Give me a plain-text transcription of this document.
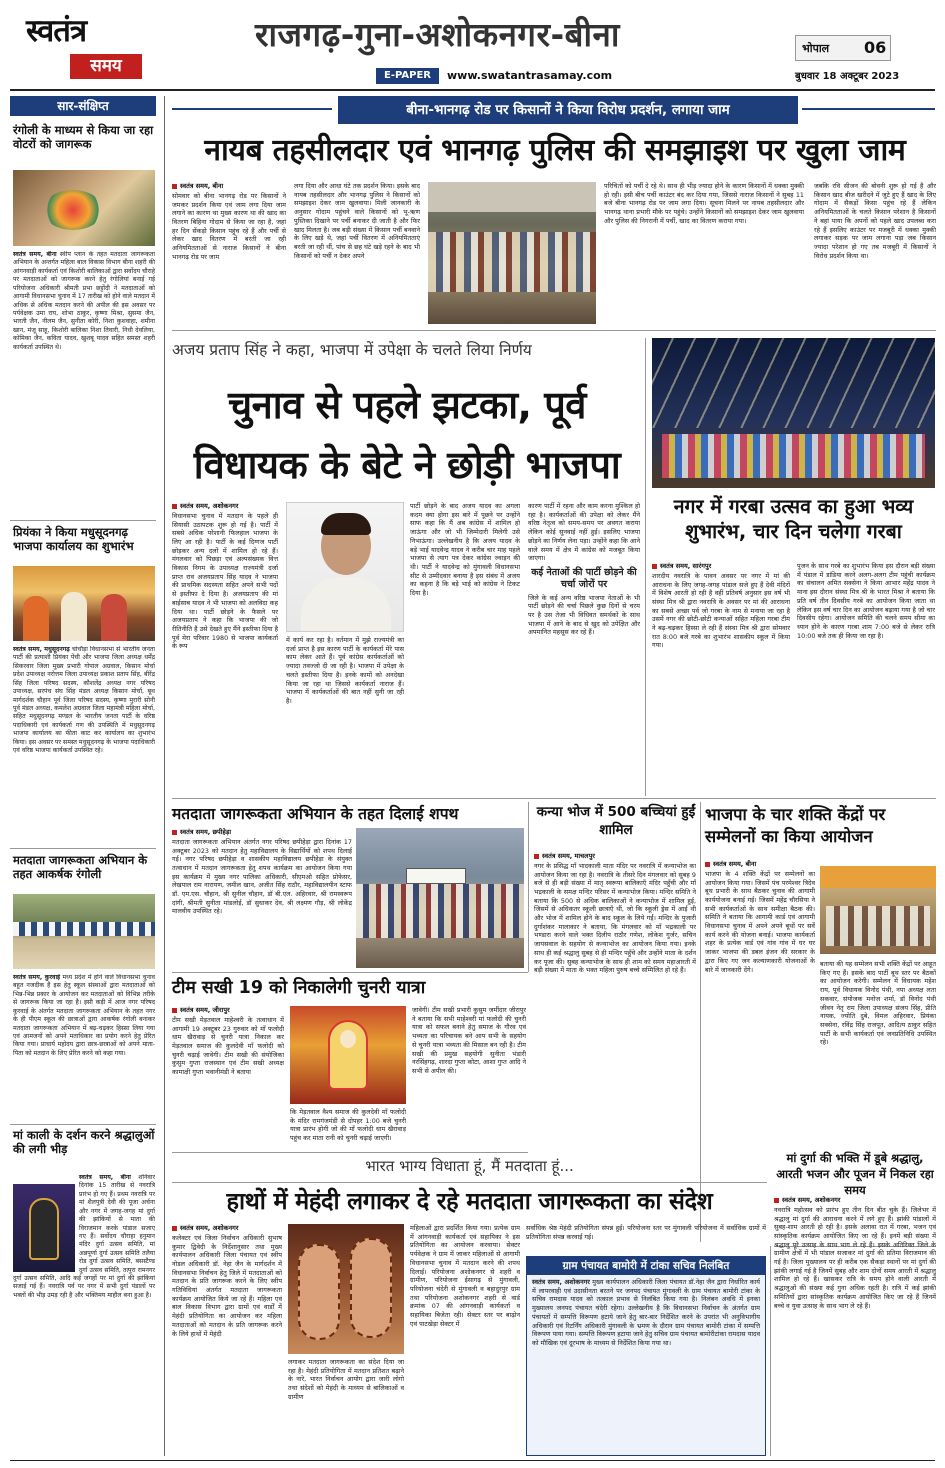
स्वतंत्र
समय
राजगढ़-गुना-अशोकनगर-बीना
E-PAPER	www.swatantrasamay.com
भोपाल 06
बुधवार 18 अक्टूबर 2023
सार-संक्षिप्त
रंगोली के माध्यम से किया जा रहा वोटरों को जागरूक
स्वतंत्र समय, बीना स्वीप प्लान के तहत मतदाता जागरूकता अभियान के अन्तर्गत महिला बाल विकास विभाग बीना शहरी की आंगनवाड़ी कार्यकर्ता एवं किशोरी बालिकाओं द्वारा सर्वोदय चौराहे पर मतदाताओं को जागरूक करने हेतु रंगोलियां बनाई गई परियोजना अधिकारी श्रीमती प्रभा छट्टोंदी ने मतदाताओं को आगामी विधानसभा चुनाव में 17 तारीख को होने वाले मतदान में अधिक से अधिक मतदान करने की अपील की इस अवसर पर पर्यवेक्षक उमा राय, शोभा ठाकुर, कृष्णा मिश्रा, सुसमा जैन, भारती जैन, नीलम जैन, सुनीता कोरी, निशा कुशवाहा, शमीना खान, मंजू साहू, किशोरी बालिका निशा तिवारी, निधी देवलिया, कोमिका जैन, कविता यादव, खुशबू यादव सहित समस्त शहरी कार्यकर्ता उपस्थित थे।
प्रियंका ने किया मधुसूदनगढ़ भाजपा कार्यालय का शुभारंभ
स्वतंत्र समय, मधुसूदनगढ़ चांचौड़ा विधानसभा से भारतीय जनता पार्टी की प्रत्याशी प्रियंका पेंची और भाजपा जिला अध्यक्ष धर्मेंद्र सिकरवार जिला मुख्य प्रभारी गोपाल अग्रवाल, किसान मोर्चा प्रदेश उपाध्यक्ष नरोत्तम जिला उपाध्यक्ष प्रकाश प्रताप सिंह, बीरेंद्र सिंह जिला परिषद सदस्य, कौशलेंद्र अध्यक्ष नगर परिषद उपाध्यक्ष, सरपंच संघ सिंह मंडल अध्यक्ष किसान मोर्चा, बूथ मार्गदर्शक चौहान पूर्व जिला परिषद सदस्य, कृष्णा मुरारी सोनी पूर्व मंडल अध्यक्ष, कमलेश अग्रवाल जिला महामंत्री महिला मोर्चा, सहित मधुसूदनगढ़ मण्डल के भारतीय जनता पार्टी के वरिष्ठ पदाधिकारी एवं कार्यकर्ता गण की उपस्थिति में मधुसूदनगढ़ भाजपा कार्यालय का फीता काट कर कार्यालय का शुभारंभ किया। इस अवसर पर समस्त मधुसूदनगढ़ के भाजपा पदाधिकारी एवं वरिष्ठ भाजपा कार्यकर्ता उपस्थित रहे।
मतदाता जागरूकता अभियान के तहत आकर्षक रंगोली
स्वतंत्र समय, कुरवाई मध्य प्रदेश में होने वाले विधानसभा चुनाव बहुत नजदीक है इस हेतु स्कूल संस्थाओं द्वारा मतदाताओं को भिन्न-भिन्न प्रकार के आयोजन कर मतदाताओं को विभिन्न तरीके से जागरूक किया जा रहा है। इसी कड़ी में आज नगर परिषद कुरवाई के अंतर्गत मतदाता जागरूकता अभियान के तहत नगर के ही पीएम स्कूल की छात्राओं द्वारा आकर्षक रंगोली बनाकर मतदाता जागरूकता अभियान में बढ़-चढ़कर हिस्सा लिया गया एवं आमजनों को अपने मताधिकार का प्रयोग करने हेतु प्रेरित किया गया। प्राचार्य महोदय द्वारा छात्र-छात्राओं को अपने माता-पिता को मतदान के लिए प्रेरित करने को कहा गया।
मां काली के दर्शन करने श्रद्धालुओं की लगी भीड़
स्वतंत्र समय, बीना शनिवार दिनांक 15 तारीख से नवरात्रि प्रारंभ हो गए हैं। प्रथम नवरात्रि पर मां शैलपुत्री देवी की पूजा अर्चना और नगर में जगह-जगह मां दुर्गा की झांकियों से माता की विराजमान करके पांडाल सजाए गए हैं। सर्वोदय चौराहा हनुमान मंदिर दुर्गा उत्सव समिति, मां अन्नपूर्णा दुर्गा उत्सव समिति तलैया रोड दुर्गा उत्सव समिति, बसस्टैण्ड दुर्गा उत्सव समिति, तत्पुरा रामनगर दुर्गा उत्सव समिति, आदि कई जगहों पर मां दुर्गा की झांकियां सजाई गई हैं। नवरात्रि पर्व पर नगर में सभी दुर्गा पंडालों पर भक्तों की भीड़ उमड़ रही है और भक्तिमय माहौल बना हुआ है।
बीना-भानगढ़ रोड पर किसानों ने किया विरोध प्रदर्शन, लगाया जाम
नायब तहसीलदार एवं भानगढ़ पुलिस की समझाइश पर खुला जाम
स्वतंत्र समय, बीना
सोमवार को बीना भानगढ़ रोड पर किसानों ने जमकर प्रदर्शन किया एवं जाम लगा दिया जाम लगाने का कारण था मुख्य कारण था की खाद का वितरण बिहिना गोदाम से किया जा रहा है, जहां हर दिन सेंकड़ो किसान पहुंच रहे हैं और पर्ची से लेकर खाद वितरण में बरती जा रही अनियमितताओं से नाराज किसानों ने बीना भानगढ़ रोड पर जाम
लगा दिया और आधा घंटे तक प्रदर्शन किया। इसके बाद नायब तहसीलदार और भानगढ़ पुलिस ने किसानों को समझाइश देकर जाम खुलवाया। मिली जानकारी के अनुसार गोदाम पहुंचने वाले किसानों को भू-ऋण पुस्तिका दिखाने पर पर्ची बनाकर दी जाती है और फिर खाद मिलता है। जब बड़ी संख्या में किसान पर्ची बनवाने के लिए खड़े थे, जहां पर्ची वितरण में अनियमितताएं बरती जा रही थीं, पांच से छह घंटे खड़े रहने के बाद भी किसानों को पर्ची न देकर अपने
परिचितों को पर्ची दे रहे थे। साथ ही भीड़ ज्यादा होने के कारण किसानों में धक्का मुक्की हो रही। इसी बीच पर्ची काउंटर बंद कर दिया गया, जिससे नाराज किसानों ने सुबह 11 बजे बीना भानगढ़ रोड पर जाम लगा दिया। सूचना मिलने पर नायब तहसीलदार और भानगढ़ थाना प्रभारी मौके पर पहुंचे। उन्होंने किसानों को समझाइश देकर जाम खुलवाया और पुलिस की निगरानी में पर्ची, खाद का वितरण कराया गया।
जबकि रवि सीजन की बोवनी शुरू हो गई है और किसान खाद बीज खरीदने में जुटे हुए हैं खाद के लिए गोदाम में सैकड़ों किसा पहुंच रहे हैं लेकिन अनियमितताओं के चलते किसान परेशान है किसानों ने बहां पाया कि अपनों को पहले खाद उपलब्ध करा रहे हैं इसलिए काउंटर पर मजबूरी में धक्का मुक्की लगाकर सड़क पर जाम लगाना पड़ा जब किसान ज्यादा परेशान हो गए तब मजबूरी में किसानों ने विरोध प्रदर्शन किया था।
अजय प्रताप सिंह ने कहा, भाजपा में उपेक्षा के चलते लिया निर्णय
चुनाव से पहले झटका, पूर्व
विधायक के बेटे ने छोड़ी भाजपा
स्वतंत्र समय, अशोकनगर
विधानसभा चुनाव में मतदान के पहले ही सियासी उठापटक शुरू हो गई है। पार्टी में सबसे अधिक परेशानी फिलहाल भाजपा के लिए आ रही है। पार्टी के कई दिग्गज पार्टी छोड़कर अन्य दलों में शामिल हो रहे हैं। मंगलवार को पिछड़ा एवं अल्पसंख्यक वित्त विकास निगम के उपाध्यक्ष राज्यमंत्री दर्जा प्राप्त राव अजयप्रताप सिंह यादव ने भाजपा की प्राथमिक सदस्यता सहित अपने सभी पदों से इस्तीफा दे दिया है। अजयप्रताप की मां बाईसाब यादव ने भी भाजपा को अलविदा कह दिया था। पार्टी छोड़ने के फैसले पर अजयप्रताप ने कहा कि भाजपा की जो रीतिनीति है उसे देखते हुए मैंने इस्तीफा दिया है पूर्व मेरा परिवार 1980 से भाजपा कार्यकर्ता के रूप
में कार्य कर रहा है। वर्तमान में मुझे राज्यमंत्री का दर्जा प्राप्त है इस कारण पार्टी के कार्यकर्ता मेरे पास काम लेकर आते हैं। पूर्व कांग्रेस कार्यकर्ताओं को ज्यादा तवज्जो दी जा रही है। भाजपा में उपेक्षा के चलते इस्तीफा दिया है। इनके कामों को अनदेखा किया जा रहा था जिससे कार्यकर्ता नाराज हैं। भाजपा में कार्यकर्ताओं की बात नहीं सुनी जा रही है।
पार्टी छोड़ने के बाद अजय यादव का अगला कदम क्या होगा इस बारे में पूछने पर उन्होंने साफ कहा कि मैं अब कांग्रेस में शामिल हो जाऊंगा और जो भी जिम्मेदारी मिलेगी उसे निभाऊंगा। उल्लेखनीय है कि अजय यादव के बड़े भाई यादवेन्द्र यादव ने करीब चार माह पहले भाजपा से त्याग पत्र देकर कांग्रेस ज्वाइन की थी। पार्टी ने यादवेन्द्र को मुंगावली विधानसभा सीट से उम्मीदवार बनाया है इस संबंध में अजय का कहना है कि बड़े भाई को कांग्रेस ने टिकट दिया है।
कारण पार्टी में रहना और काम करना मुश्किल हो रहा है। कार्यकर्ताओं की उपेक्षा को लेकर मैंने वरिष्ठ नेतृत्व को समय-समय पर अवगत कराया लेकिन कोई सुनवाई नहीं हुई। इसलिए भाजपा छोड़ने का निर्णय लेना पड़ा। उन्होंने कहा कि आने वाले समय में क्षेत्र में कांग्रेस को मजबूत किया जाएगा।
कई नेताओं की पार्टी छोड़ने की चर्चा जोरों पर
जिले के कई अन्य वरिष्ठ भाजपा नेताओं के भी पार्टी छोड़ने की चर्चा पिछले कुछ दिनों से चरम पर है उस तेजा भी विधिवत समर्थकों के साथ भाजपा में आने के बाद से खुद को उपेक्षित और अपमानित महसूस कर रहे हैं।
नगर में गरबा उत्सव का हुआ भव्य शुभारंभ, चार दिन चलेगा गरबा
स्वतंत्र समय, सारंगपुर
शारदीय नवरात्रि के पावन अवसर पर नगर में मां की आराधना के लिए जगह-जगह पांडाल सजे हुए हैं देवी मंदिरों में विशेष आरती हो रही है वहीं प्रतिवर्ष अनुसार इस वर्ष भी संस्था मित्र श्री द्वारा नवरात्रि के अवसर पर मां की आराधना का सबसे अच्छा पर्व जो गरबा के नाम से मनाया जा रहा है उसमें नगर की छोटी-छोटी कन्याओं सहित महिला गरबा टीम ने बढ़-चढ़कर हिस्सा ले रही हैं संस्था मित्र श्री द्वारा सोमवार रात 8:00 बजे गरबे का शुभारंभ शासकीय स्कूल में किया गया।
पूजन के साथ गरबे का शुभारंभ किया इस दौरान बड़ी संख्या में पंडाल में डांडिया करने अलग-अलग टीम पहुंची कार्यक्रम का संचालन अमित सक्सेना ने किया आभार महेंद्र यादव ने माना इस दौरान संस्था मित्र श्री के भारत मिश्रा ने बताया कि प्रति वर्ष तीन दिवसीय गरबे का आयोजन किया जाता था लेकिन इस वर्ष चार दिन का आयोजन बढ़ाया गया है जो चार दिवसीय रहेगा। आयोजन समिति की चलने समय सीमा का ध्यान होने के कारण गरबा शाम 7:00 बजे से लेकर रात्रि 10:00 बजे तक ही किया जा रहा है।
मतदाता जागरूकता अभियान के तहत दिलाई शपथ
स्वतंत्र समय, छपीहेड़ा
मतदाता जागरूकता अभियान अंतर्गत नगर परिषद छपीहेड़ा द्वारा दिनांक 17 अक्टूबर 2023 को मतदान हेतु महाविद्यालय के विद्यार्थियों को शपथ दिलाई गई। नगर परिषद छपीहेड़ा व शासकीय महाविद्यालय छपीहेड़ा के संयुक्त तत्वाधान में मतदान जागरूकता हेतु शपथ कार्यक्रम का आयोजन किया गया इस कार्यक्रम में मुख्य नगर पालिका अधिकारी, सीएमओ सहित प्रोफेसर, लेखपाल राम नारायण, जमील खान, अजीत सिंह राठौर, महाविद्यालयीन स्टाफ डॉ. एम.एस. चौहान, श्री सुनील चौहान, डॉ बी.एल. अहिरवार, श्री रामस्वरूप दांगी, श्रीमती सुनीता मांडलोई, डॉ सुधाकर देव, श्री लक्ष्मण गौड़, श्री लोकेंद्र मालवीय उपस्थित रहे।
कन्या भोज में 500 बच्चियां हुईं शामिल
स्वतंत्र समय, माचलपुर
नगर के प्रसिद्ध माँ भादकाली माता मंदिर पर नवरात्रि में कन्याभोज का आयोजन किया जा रहा है। नवरात्रि के तीसरे दिन मंगलवार को सुबह 9 बजे से ही बड़ी संख्या में मातृ स्वरूपा बालिकाएँ मंदिर पहुँची और माँ भद्रकाली के समक्ष मन्दिर परिसर में कन्याभोज किया। मन्दिर समिति ने बताया कि 500 से अधिक बालिकाओं ने कन्याभोज में शामिल हुई, जिसमें से अधिकतर स्कूली छात्राएँ थीं, जो कि स्कूली ड्रेस में आई थी और भोज में शामिल होने के बाद स्कूल के लिये गईं। मन्दिर के पुजारी दुर्गाशंकर मालाकार ने बताया, कि मंगलवार को माँ भद्रकाली पर भण्डारा करने वाले भक्त दिलीप राठौर गणेश, लोकेश गुर्जर, सचिन जायसवाल के सहयोग से कन्याभोज का आयोजन किया गया। इनके साथ ही कई श्रद्धालु सुबह से ही मन्दिर पहुँचे और उन्होंने माता के दर्शन कर पूजा की। सुबह कन्याभोज के साथ ही शाम को समय महाआरती में बड़ी संख्या में माता के भक्त महिला पुरुष बच्चे सम्मिलित हो रहे हैं।
भाजपा के चार शक्ति केंद्रों पर सम्मेलनों का किया आयोजन
स्वतंत्र समय, बीना
भाजपा के 4 शक्ति केंद्रों पर सम्मेलनों का आयोजन किया गया। जिसमें पंच परमेश्वर त्रिदेव बूथ प्रभारी के साथ बैठकर चुनाव की आगामी कार्ययोजना बनाई गई। जिसमें महेंद्र चौरसिया ने सभी कार्यकर्ताओं के साथ समीक्षा बैठक की। समिति ने बताया कि आगामी कार्ड एवं आगामी विधानसभा चुनाव में अपने अपने बूथों पर सर्वे कार्य करने की योजना बनाई। भाजपा कार्यकर्ता शहर के प्रत्येक वार्ड एवं गांव गांव में घर घर जाकर भाजपा की डबल इंजन की सरकार के द्वारा किए गए जन कल्याणकारी योजनाओं के बारे में जानकारी देंगे।
बताया की यह सम्मेलन सभी शक्ति केंद्रों पर आहूत किए गए हैं। इसके बाद पार्टी बूथ स्तर पर बैठकों का आयोजन करेगी। सम्मेलन में विधायक महेश राय, पूर्व विधायक विनोद पंथी, नपा अध्यक्ष लता सकवार, संयोजक मनोज शर्मा, डॉ विनोद पंथी जीवन नेतृ राम जिला उपाध्यक्ष संजय सिंह, प्रीति नायक, ज्योति दुबे, विमल अहिरवार, प्रियंका सक्सेना, रविंद्र सिंह राजपूत, आदित्य ठाकुर सहित पार्टी के सभी कार्यकर्ता एवं जनप्रतिनिधि उपस्थित रहे।
टीम सखी 19 को निकालेगी चुनरी यात्रा
स्वतंत्र समय, जीरापुर
टीम सखी मेड़तवाल माहेश्वरी के तत्वाधान में आगामी 19 अक्टूबर 23 गुरुवार को माँ फलोदी धाम खैरावाड़ से चुनरी यात्रा निकाल कर मेड़तवाल समाज की कुलदेवी माँ फलोदी को चुनरी चढ़ाई जावेगी। टीम सखी की संयोजिका कुसुम गुप्ता राजस्थान एवं टीम सखी अध्यक्ष कामाक्षी गुप्ता भवानीमंडी ने बताया
कि मेड़तवाल वैश्य समाज की कुलदेवी माँ फलोदी के मंदिर रामगंजमंडी से दोपहर 1:00 बजे चुनरी यात्रा प्रारंभ होगी जो की माँ फलोदी धाम खैरावाड़ पहुंच कर माता रानी को चुनरी चढ़ाई जाएगी।
जावेगी। टीम सखी प्रभारी कुसुम जमींदार जीरापुर ने बताया कि सभी माहेश्वरी मां फलोदी की चुनरी यात्रा को सफल बनाने हेतु समाज के गौरव एवं भव्यता का परिचायक बने आप सभी के सहयोग से चुनरी यात्रा भव्यता की मिसाल बन रही है। टीम सखी की प्रमुख सहयोगी सुनीता भंडारी नरसिंहगढ़, शारदा गुप्ता कोटा, आशा गुप्त आदि ने सभी से अपील की।
भारत भाग्य विधाता हूं, मैं मतदाता हूं...
हाथों में मेहंदी लगाकर दे रहे मतदाता जागरूकता का संदेश
स्वतंत्र समय, अशोकनगर
कलेक्टर एवं जिला निर्वाचन अधिकारी सुभाष कुमार द्विवेदी के निर्देशानुसार तथा मुख्य कार्यपालन अधिकारी जिला पंचायत एवं स्वीप नोडल अधिकारी डॉ. नेहा जैन के मार्गदर्शन में विधानसभा निर्वाचन हेतु जिले में मतदाताओं को मतदान के प्रति जागरूक करने के लिए स्वीप गतिविधियां अंतर्गत मतदाता जागरूकता कार्यक्रम आयोजित किये जा रहे हैं। महिला एवं बाल विकास विभाग द्वारा ग्रामों एवं वार्डों में मेहंदी प्रतियोगिता का आयोजन कर महिला मतदाताओं को मतदान के प्रति जागरूक करने के लिये हाथों में मेहंदी
लगाकर मतदाता जागरूकता का संदेश दिया जा रहा है। मेहंदी प्रतियोगिता में मतदान प्रतिशत बढ़ाने के नारे, भारत निर्वाचन आयोग द्वारा जारी लोगो तथा संदेशों को मेहंदी के माध्यम से बालिकाओं व ग्रामीण
महिलाओं द्वारा प्रदर्शित किया गया। प्रत्येक ग्राम में आंगनवाड़ी कार्यकर्ता एवं सहायिका ने इस प्रतियोगिता का आयोजन करवाया। सेक्टर पर्यवेक्षक ने ग्राम में जाकर महिलाओं से आगामी विधानसभा चुनाव में मतदान करने की शपथ दिलाई। परियोजना अशोकनगर से शहरी व ग्रामीण, परियोजना ईसागढ़ से मुंगावली, परियोजना चंदेरी से मुंगावली व बहादुरपुर ग्राम तथा परियोजना अशोकनगर शहरी से वार्ड क्रमांक 07 की आंगनवाड़ी कार्यकर्ता व सहायिका बिजेता रही। सेक्टर स्तर पर बाढ़ोन एवं पाटखेड़ा सेक्टर में
सर्वाधिक श्रेष्ठ मेहंदी प्रतियोगिता संपन्न हुई। परियोजना स्तर पर मुंगावली परियोजना में सर्वाधिक ग्रामों में प्रतियोगिता संपन्न करवाई गई।
ग्राम पंचायत बामोरी में टांका सचिव निलंबित
स्वतंत्र समय, अशोकनगर मुख्य कार्यपालन अधिकारी जिला पंचायत डॉ.नेहा जैन द्वारा निर्धारित कार्य में लापरवाही एवं उदासीनता बरतने पर जनपद पंचायत मुंगावली के ग्राम पंचायत बामोरी टांका के सचिव रामदास यादव को तत्काल प्रभाव से निलंबित किया गया है। निलंबन अवधि में इनका मुख्यालय जनपद पंचायत चंदेरी रहेगा। उल्लेखनीय है कि विधानसभा निर्वाचन के अंतर्गत ग्राम पंचायतों में सम्पत्ति विरूपण हटाये जाने हेतु बार-बार निर्देशित करने के उपरांत भी अनुविभागीय अधिकारी एवं रिटर्निंग अधिकारी मुंगावली के भ्रमण के दौरान ग्राम पंचायत बामोरी टांका में सम्पत्ति विरूपण पाया गया। सम्पत्ति विरूपण हटाया जाने हेतु सचिव ग्राम पंचायत बामोरीटांका रामदास यादव को मौखिक एवं दूरभाष के माध्यम से निर्देशित किया गया था।
मां दुर्गा की भक्ति में डूबे श्रद्धालु, आरती भजन और पूजन में निकल रहा समय
स्वतंत्र समय, अशोकनगर
नवरात्रि महोत्सव को प्रारंभ हुए तीन दिन बीत चुके हैं। जिलेभर में श्रद्धालु मां दुर्गा की आराधना करने में लगे हुए हैं। झांकी पांडालों में सुबह-शाम आरती हो रही है। इसके अलावा रात में गरबा, भजन एवं सांस्कृतिक कार्यक्रम आयोजित किए जा रहे हैं। इनमें बड़ी संख्या में श्रद्धालु पूरे उत्साह के साथ भाग ले रहे हैं। इसके अतिरिक्त जिले के ग्रामीण क्षेत्रों में भी पांडाल सजाकर मां दुर्गा की प्रतिमा विराजमान की गई है। जिला मुख्यालय पर ही करीब एक सैकड़ा स्थानों पर मां दुर्गा की झांकी लगाई गई है जिनमें सुबह और शाम दोनों समय आरती में श्रद्धालु शामिल हो रहे हैं। खासकर रात्रि के समय होने वाली आरती में श्रद्धालुओं की संख्या कई गुना अधिक रहती है। रात्रि में कई झांकी समितियों द्वारा सांस्कृतिक कार्यक्रम आयोजित किए जा रहे हैं जिनमें बच्चे व युवा उत्साह के साथ भाग ले रहे हैं।
